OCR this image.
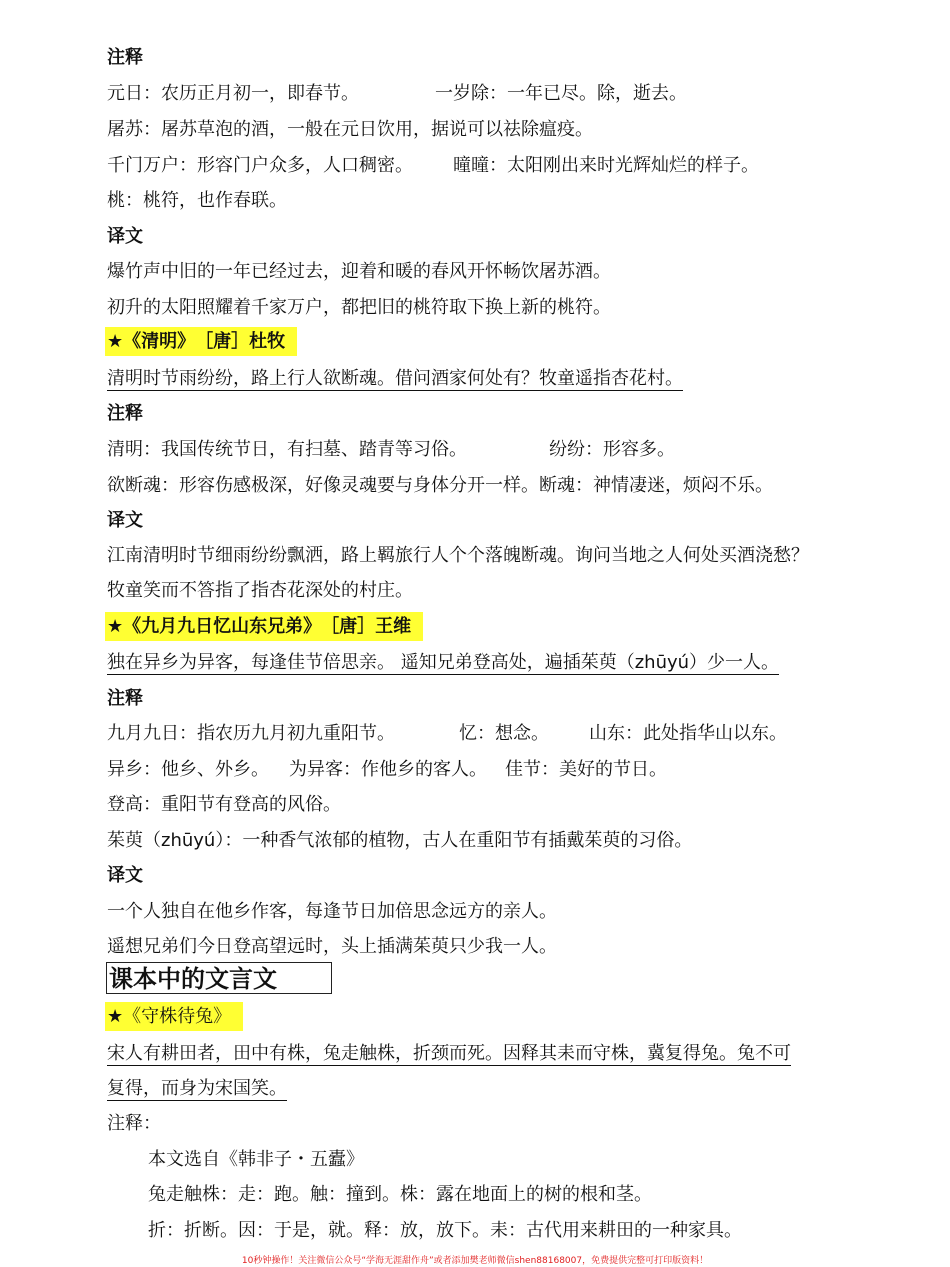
注释
元日：农历正月初一，即春节。	一岁除：一年已尽。除，逝去。
屠苏：屠苏草泡的酒，一般在元日饮用，据说可以祛除瘟疫。
千门万户：形容门户众多，人口稠密。 曈曈：太阳刚出来时光辉灿烂的样子。
桃：桃符，也作春联。
译文
爆竹声中旧的一年已经过去，迎着和暖的春风开怀畅饮屠苏酒。
初升的太阳照耀着千家万户，都把旧的桃符取下换上新的桃符。
★《清明》　［唐］杜牧
清明时节雨纷纷，路上行人欲断魂。借问酒家何处有？牧童遥指杏花村。
注释
清明：我国传统节日，有扫墓、踏青等习俗。	纷纷：形容多。
欲断魂：形容伤感极深，好像灵魂要与身体分开一样。断魂：神情凄迷，烦闷不乐。
译文
江南清明时节细雨纷纷飘洒，路上羁旅行人个个落魄断魂。询问当地之人何处买酒浇愁？
牧童笑而不答指了指杏花深处的村庄。
★《九月九日忆山东兄弟》　［唐］王维
独在异乡为异客，每逢佳节倍思亲。 遥知兄弟登高处，遍插茱萸（zhūyú）少一人。
注释
九月九日：指农历九月初九重阳节。	忆：想念。 山东：此处指华山以东。
异乡：他乡、外乡。 为异客：作他乡的客人。 佳节：美好的节日。
登高：重阳节有登高的风俗。
茱萸（zhūyú）：一种香气浓郁的植物，古人在重阳节有插戴茱萸的习俗。
译文
一个人独自在他乡作客，每逢节日加倍思念远方的亲人。
遥想兄弟们今日登高望远时，头上插满茱萸只少我一人。
课本中的文言文
★《守株待兔》
宋人有耕田者，田中有株，兔走触株，折颈而死。因释其耒而守株，冀复得兔。兔不可
复得，而身为宋国笑。
注释：
本文选自《韩非子・五蠹》
兔走触株：走：跑。触：撞到。株：露在地面上的树的根和茎。
折：折断。因：于是，就。释：放，放下。耒：古代用来耕田的一种家具。
10秒钟操作！关注微信公众号“学海无涯甜作舟”或者添加樊老师微信shen88168007，免费提供完整可打印版资料！
